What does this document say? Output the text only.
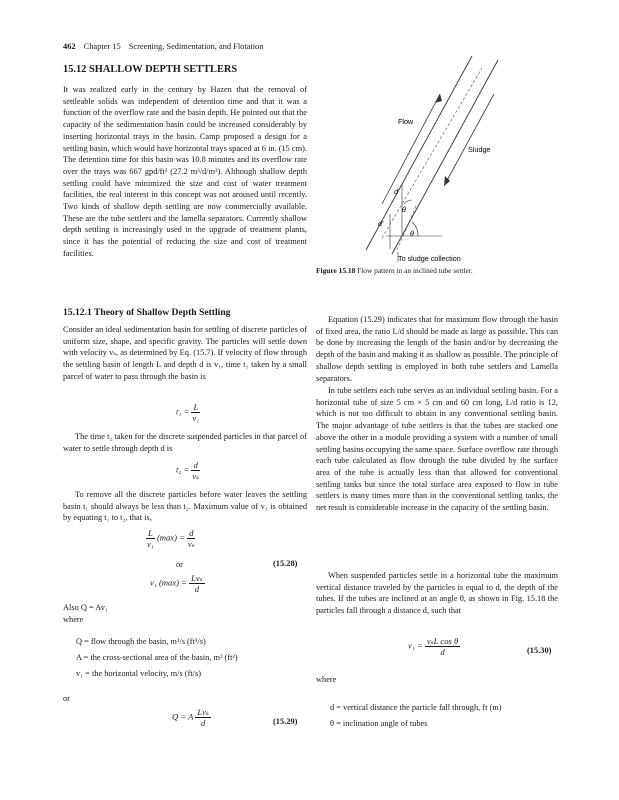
462 Chapter 15 Screening, Sedimentation, and Flotation
15.12 SHALLOW DEPTH SETTLERS

It was realized early in the century by Hazen that the removal of settleable solids was independent of detention time and that it was a function of the overflow rate and the basin depth. He pointed out that the capacity of the sedimentation basin could be increased considerably by inserting horizontal trays in the basin. Camp proposed a design for a settling basin, which would have horizontal trays spaced at 6 in. (15 cm). The detention time for this basin was 10.8 minutes and its overflow rate over the trays was 667 gpd/ft² (27.2 m³/d/m²). Although shallow depth settling could have minimized the size and cost of water treatment facilities, the real interest in this concept was not aroused until recently. Two kinds of shallow depth settling are now commercially available. These are the tube settlers and the lamella separators. Currently shallow depth settling is increasingly used in the upgrade of treatment plants, since it has the potential of reducing the size and cost of treatment facilities.

Flow
Sludge
d
θ
d′
θ
To sludge collection
Figure 15.18 Flow pattern in an inclined tube settler.
15.12.1 Theory of Shallow Depth Settling

Consider an ideal sedimentation basin for settling of discrete particles of uniform size, shape, and specific gravity. The particles will settle down with velocity vₛ, as determined by Eq. (15.7). If velocity of flow through the settling basin of length L and depth d is v₁, time t₁ taken by a small parcel of water to pass through the basin is

$t_1 = \frac{L}{\text{v₁}}$

The time t₂ taken for the discrete suspended particles in that parcel of water to settle through depth d is

$t_2 = \frac{d}{\text{vₛ}}$

To remove all the discrete particles before water leaves the settling basin t₁ should always be less than t₂. Maximum value of v₁ is obtained by equating t₁ to t₂, that is,

$\frac{L}{\text{v₁}} (\max) = \frac{d}{\text{vₛ}}$
or	(15.28)
v₁ $(\max) = \frac{\text{Lvₛ}}{d}$
Also Q = Av₁
where
Q = flow through the basin, m³/s (ft³/s)
A = the cross-sectional area of the basin, m² (ft²)
v₁ = the horizontal velocity, m/s (ft/s)
or
Q = A $\frac{\text{Lvₛ}}{d}$	(15.29)

Equation (15.29) indicates that for maximum flow through the basin of fixed area, the ratio L/d should be made as large as possible. This can be done by increasing the length of the basin and/or by decreasing the depth of the basin and making it as shallow as possible. The principle of shallow depth settling is employed in both tube settlers and Lamella separators.

In tube settlers each tube serves as an individual settling basin. For a horizontal tube of size 5 cm × 5 cm and 60 cm long, L/d ratio is 12, which is not too difficult to obtain in any conventional settling basin. The major advantage of tube settlers is that the tubes are stacked one above the other in a module providing a system with a number of small settling basins occupying the same space. Surface overflow rate through each tube calculated as flow through the tube divided by the surface area of the tube is actually less than that allowed for conventional settling tanks but since the total surface area exposed to flow in tube settlers is many times more than in the conventional settling tanks, the net result is considerable increase in the capacity of the settling basin.

When suspended particles settle in a horizontal tube the maximum vertical distance traveled by the particles is equal to d, the depth of the tubes. If the tubes are inclined at an angle θ, as shown in Fig. 15.18 the particles fall through a distance d, such that

$v_1 = \frac{\text{vₛL cos θ}}{d}$	(15.30)
where
d = vertical distance the particle fall through, ft (m)
θ = inclination angle of tubes
